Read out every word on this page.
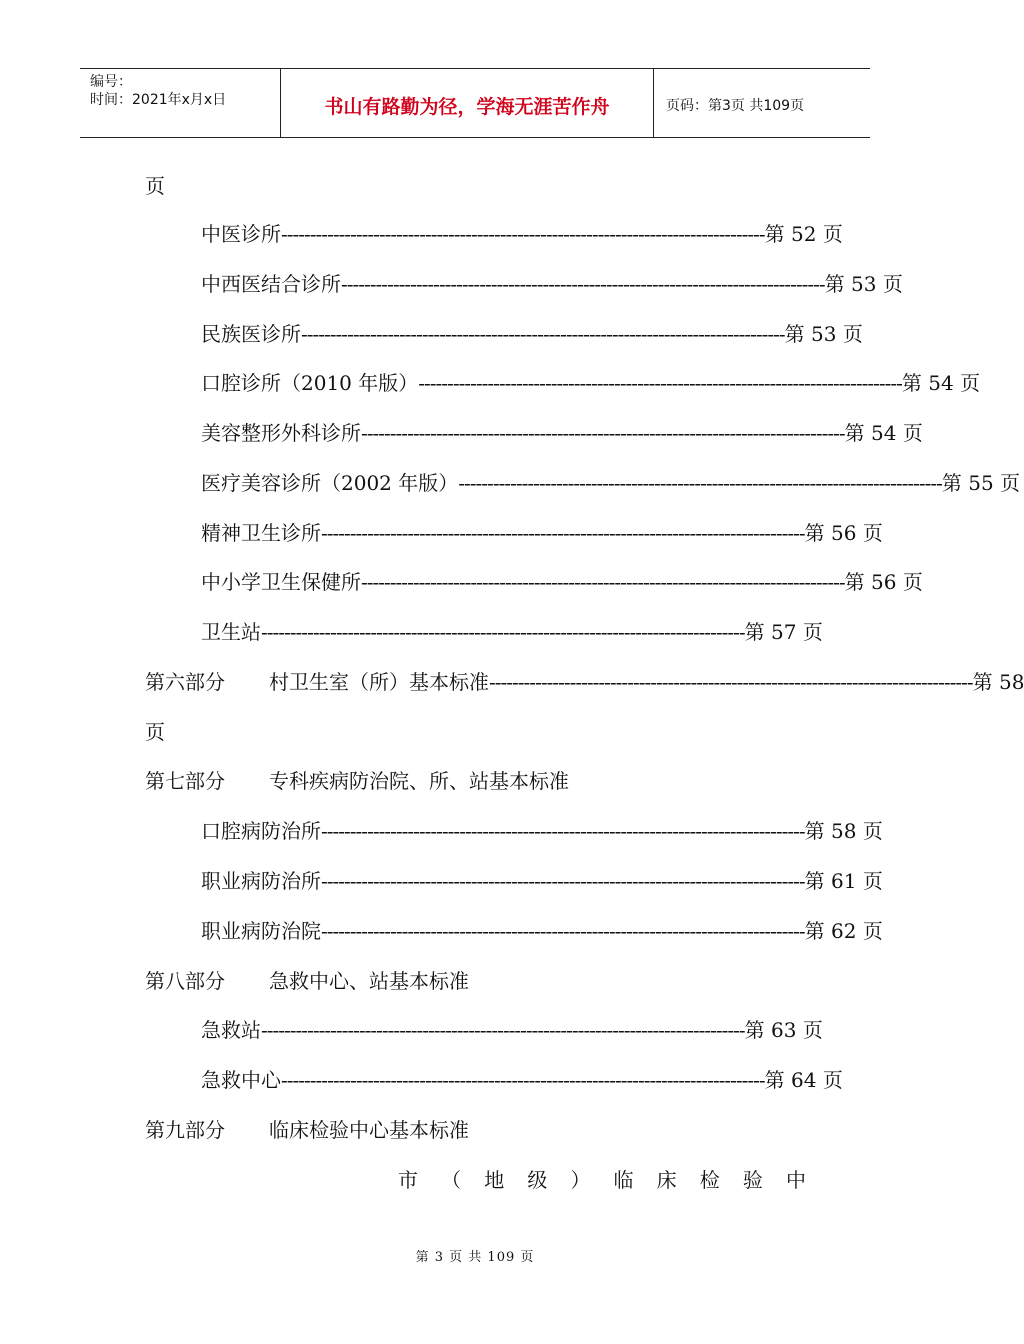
编号：
时间：2021年x月x日	书山有路勤为径，学海无涯苦作舟	页码：第3页 共109页
页
中医诊所 ------------------------------------------------------------------------------------ 第 52 页
中西医结合诊所 ------------------------------------------------------------------------------------ 第 53 页
民族医诊所 ------------------------------------------------------------------------------------ 第 53 页
口腔诊所（2010 年版） ------------------------------------------------------------------------------------ 第 54 页
美容整形外科诊所 ------------------------------------------------------------------------------------ 第 54 页
医疗美容诊所（2002 年版） ------------------------------------------------------------------------------------ 第 55 页
精神卫生诊所 ------------------------------------------------------------------------------------ 第 56 页
中小学卫生保健所 ------------------------------------------------------------------------------------ 第 56 页
卫生站 ------------------------------------------------------------------------------------ 第 57 页
第六部分 村卫生室（所）基本标准 ------------------------------------------------------------------------------------ 第 58
页
第七部分 专科疾病防治院、所、站基本标准
口腔病防治所 ------------------------------------------------------------------------------------ 第 58 页
职业病防治所 ------------------------------------------------------------------------------------ 第 61 页
职业病防治院 ------------------------------------------------------------------------------------ 第 62 页
第八部分 急救中心、站基本标准
急救站 ------------------------------------------------------------------------------------ 第 63 页
急救中心 ------------------------------------------------------------------------------------ 第 64 页
第九部分 临床检验中心基本标准
市 （ 地 级 ） 临 床 检 验 中
第 3 页 共 109 页
